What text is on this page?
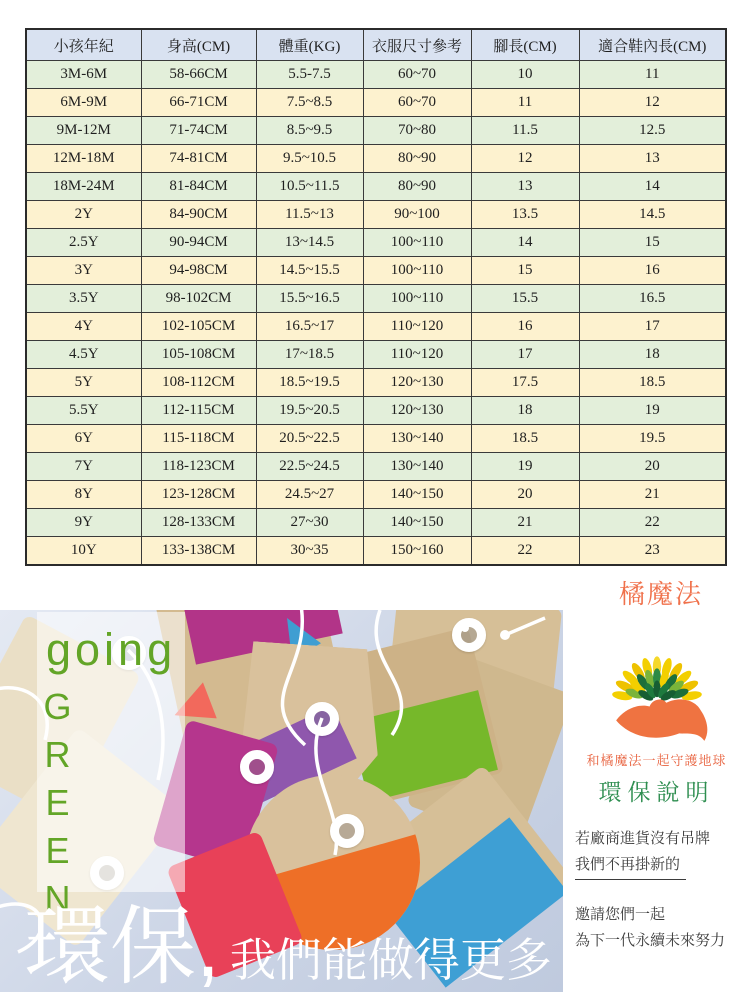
小孩年紀	身高(CM)	體重(KG)	衣服尺寸參考	腳長(CM)	適合鞋內長(CM)
3M-6M	58-66CM	5.5-7.5	60~70	10	11
6M-9M	66-71CM	7.5~8.5	60~70	11	12
9M-12M	71-74CM	8.5~9.5	70~80	11.5	12.5
12M-18M	74-81CM	9.5~10.5	80~90	12	13
18M-24M	81-84CM	10.5~11.5	80~90	13	14
2Y	84-90CM	11.5~13	90~100	13.5	14.5
2.5Y	90-94CM	13~14.5	100~110	14	15
3Y	94-98CM	14.5~15.5	100~110	15	16
3.5Y	98-102CM	15.5~16.5	100~110	15.5	16.5
4Y	102-105CM	16.5~17	110~120	16	17
4.5Y	105-108CM	17~18.5	110~120	17	18
5Y	108-112CM	18.5~19.5	120~130	17.5	18.5
5.5Y	112-115CM	19.5~20.5	120~130	18	19
6Y	115-118CM	20.5~22.5	130~140	18.5	19.5
7Y	118-123CM	22.5~24.5	130~140	19	20
8Y	123-128CM	24.5~27	140~150	20	21
9Y	128-133CM	27~30	140~150	21	22
10Y	133-138CM	30~35	150~160	22	23
橘魔法
going
GREEN
環保, 我們能做得更多
和橘魔法一起守護地球
環保說明
若廠商進貨沒有吊牌
我們不再掛新的
邀請您們一起
為下一代永續未來努力
